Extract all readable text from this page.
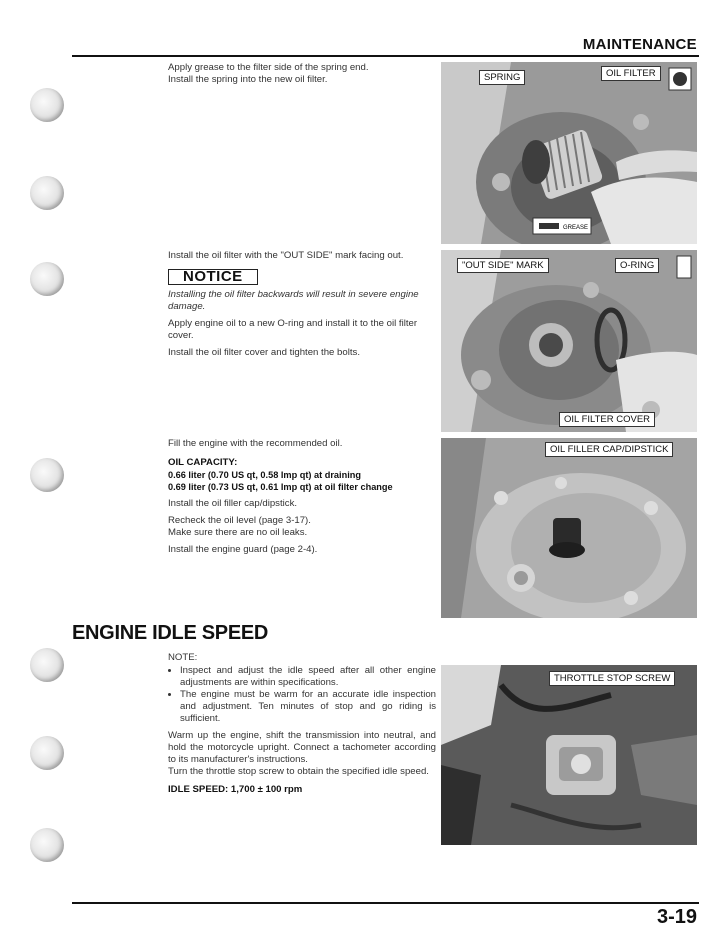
MAINTENANCE

Apply grease to the filter side of the spring end.
Install the spring into the new oil filter.

Install the oil filter with the "OUT SIDE" mark facing out.

NOTICE

Installing the oil filter backwards will result in severe engine damage.

Apply engine oil to a new O-ring and install it to the oil filter cover.

Install the oil filter cover and tighten the bolts.

Fill the engine with the recommended oil.

OIL CAPACITY:

0.66 liter (0.70 US qt, 0.58 Imp qt) at draining

0.69 liter (0.73 US qt, 0.61 Imp qt) at oil filter change

Install the oil filler cap/dipstick.

Recheck the oil level (page 3-17).
Make sure there are no oil leaks.

Install the engine guard (page 2-4).

ENGINE IDLE SPEED

NOTE:

• Inspect and adjust the idle speed after all other engine adjustments are within specifications.
• The engine must be warm for an accurate idle inspection and adjustment. Ten minutes of stop and go riding is sufficient.

Warm up the engine, shift the transmission into neutral, and hold the motorcycle upright. Connect a tachometer according to its manufacturer's instructions.

Turn the throttle stop screw to obtain the specified idle speed.

IDLE SPEED: 1,700 ± 100 rpm

GREASE
SPRING	OIL FILTER
"OUT SIDE" MARK	O-RING
OIL FILTER COVER
OIL FILLER CAP/DIPSTICK
THROTTLE STOP SCREW
3-19
